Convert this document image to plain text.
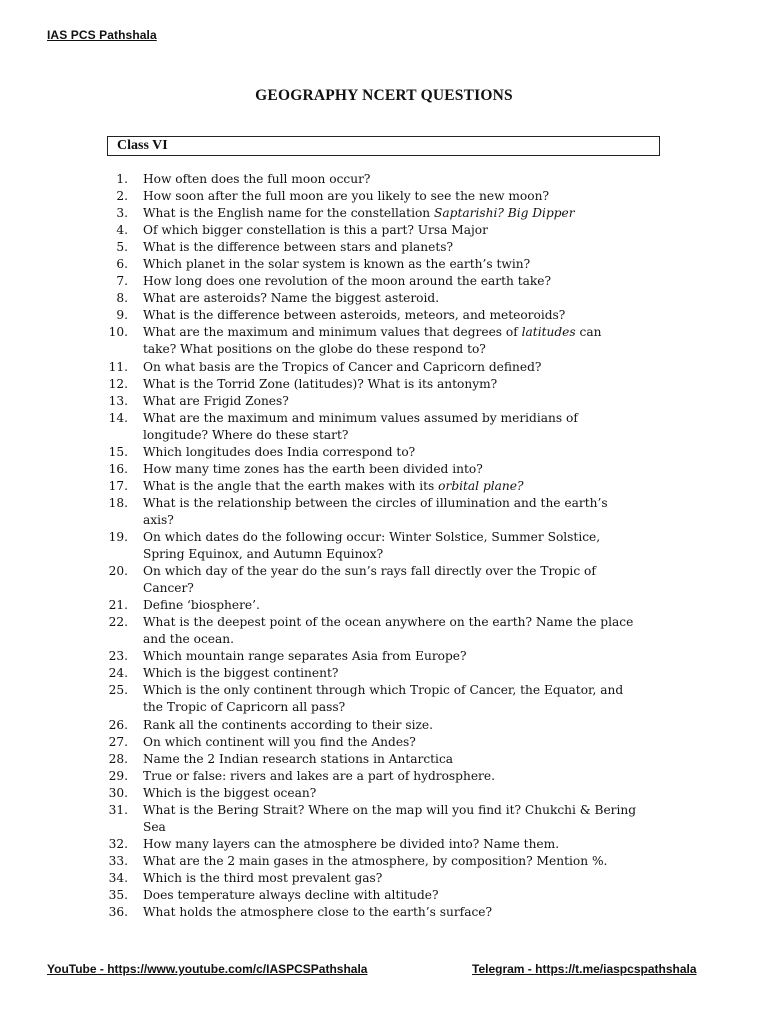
IAS PCS Pathshala
GEOGRAPHY NCERT QUESTIONS
Class VI
1. How often does the full moon occur?
2. How soon after the full moon are you likely to see the new moon?
3. What is the English name for the constellation Saptarishi? Big Dipper
4. Of which bigger constellation is this a part? Ursa Major
5. What is the difference between stars and planets?
6. Which planet in the solar system is known as the earth’s twin?
7. How long does one revolution of the moon around the earth take?
8. What are asteroids? Name the biggest asteroid.
9. What is the difference between asteroids, meteors, and meteoroids?
10. What are the maximum and minimum values that degrees of latitudes can take? What positions on the globe do these respond to?
11. On what basis are the Tropics of Cancer and Capricorn defined?
12. What is the Torrid Zone (latitudes)? What is its antonym?
13. What are Frigid Zones?
14. What are the maximum and minimum values assumed by meridians of longitude? Where do these start?
15. Which longitudes does India correspond to?
16. How many time zones has the earth been divided into?
17. What is the angle that the earth makes with its orbital plane?
18. What is the relationship between the circles of illumination and the earth’s axis?
19. On which dates do the following occur: Winter Solstice, Summer Solstice, Spring Equinox, and Autumn Equinox?
20. On which day of the year do the sun’s rays fall directly over the Tropic of Cancer?
21. Define ‘biosphere’.
22. What is the deepest point of the ocean anywhere on the earth? Name the place and the ocean.
23. Which mountain range separates Asia from Europe?
24. Which is the biggest continent?
25. Which is the only continent through which Tropic of Cancer, the Equator, and the Tropic of Capricorn all pass?
26. Rank all the continents according to their size.
27. On which continent will you find the Andes?
28. Name the 2 Indian research stations in Antarctica
29. True or false: rivers and lakes are a part of hydrosphere.
30. Which is the biggest ocean?
31. What is the Bering Strait? Where on the map will you find it? Chukchi & Bering Sea
32. How many layers can the atmosphere be divided into? Name them.
33. What are the 2 main gases in the atmosphere, by composition? Mention %.
34. Which is the third most prevalent gas?
35. Does temperature always decline with altitude?
36. What holds the atmosphere close to the earth’s surface?
YouTube - https://www.youtube.com/c/IASPCSPathshala	Telegram - https://t.me/iaspcspathshala
